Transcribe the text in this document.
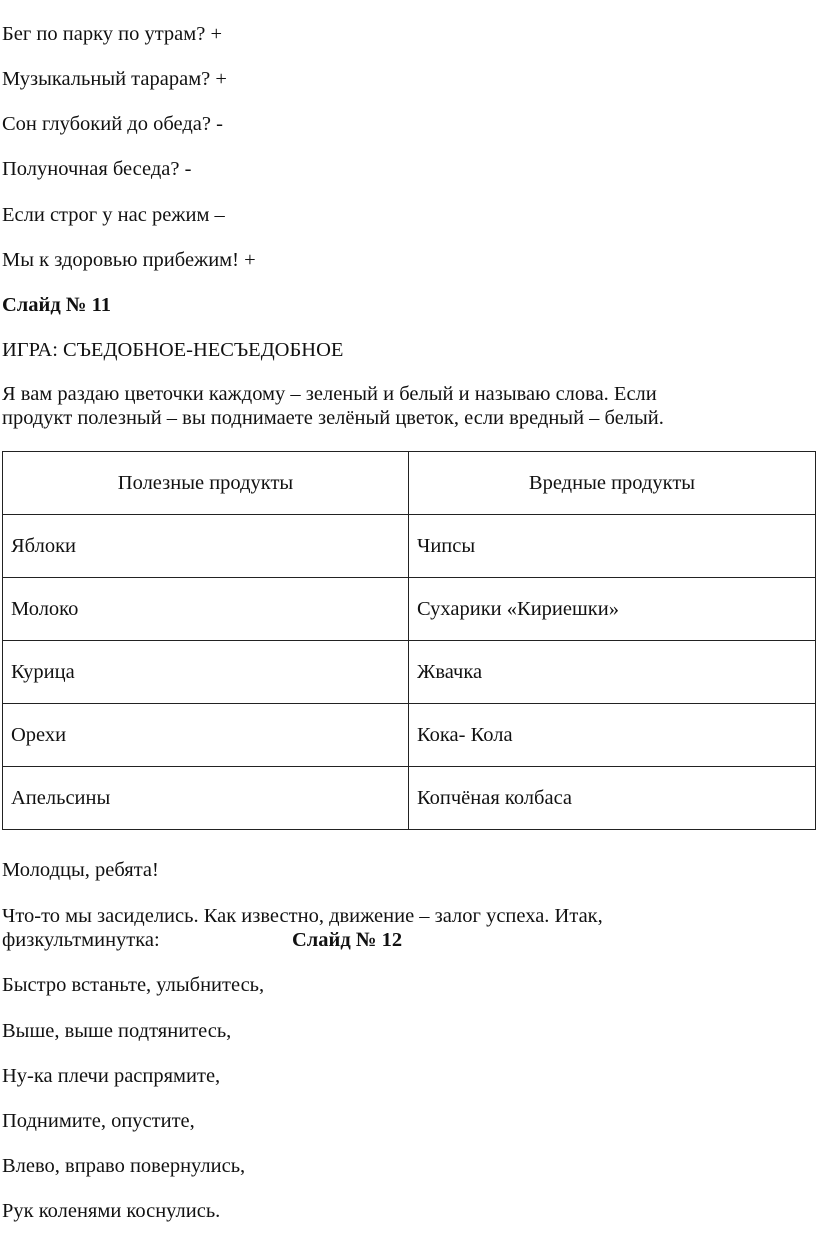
Бег по парку по утрам? +
Музыкальный тарарам? +
Сон глубокий до обеда? -
Полуночная беседа? -
Если строг у нас режим –
Мы к здоровью прибежим! +
Слайд № 11
ИГРА: СЪЕДОБНОЕ-НЕСЪЕДОБНОЕ
Я вам раздаю цветочки каждому – зеленый и белый и называю слова. Если
продукт полезный – вы поднимаете зелёный цветок, если вредный – белый.
Полезные продукты	Вредные продукты
Яблоки	Чипсы
Молоко	Сухарики «Кириешки»
Курица	Жвачка
Орехи	Кока- Кола
Апельсины	Копчёная колбаса
Молодцы, ребята!
Что-то мы засиделись. Как известно, движение – залог успеха. Итак,
физкультминутка:	Слайд № 12
Быстро встаньте, улыбнитесь,
Выше, выше подтянитесь,
Ну-ка плечи распрямите,
Поднимите, опустите,
Влево, вправо повернулись,
Рук коленями коснулись.
